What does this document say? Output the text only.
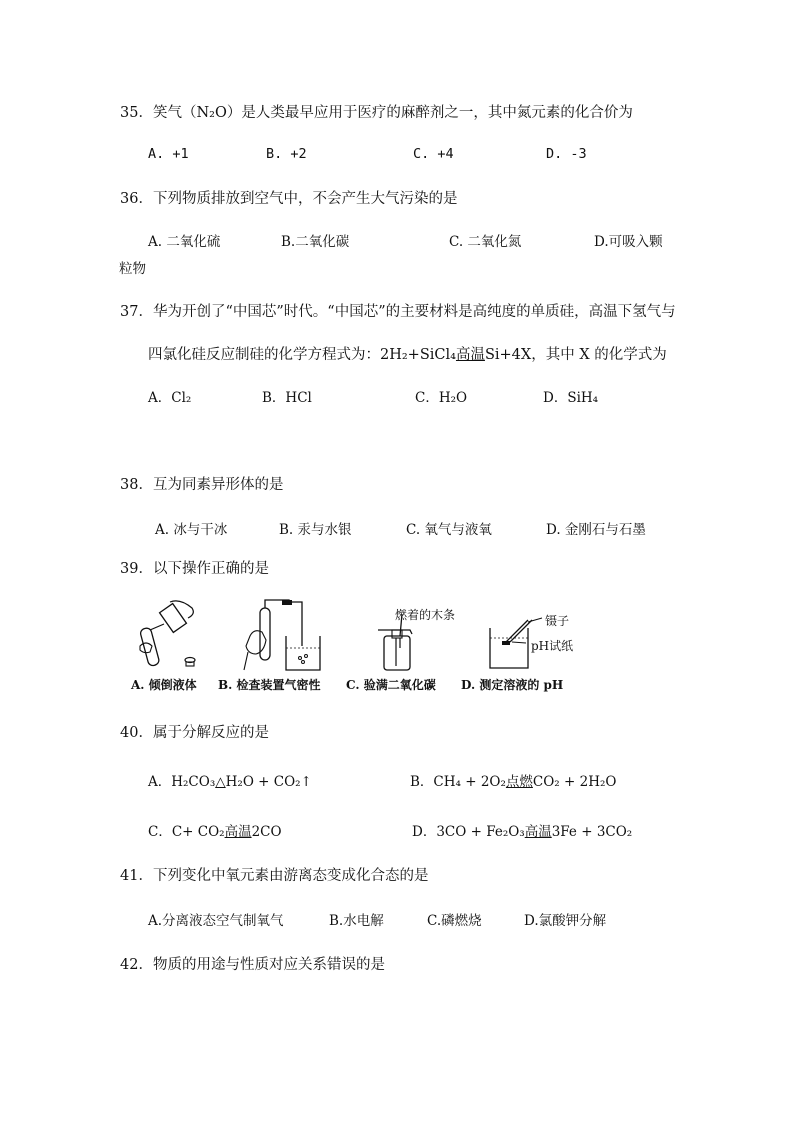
35．笑气（N₂O）是人类最早应用于医疗的麻醉剂之一，其中氮元素的化合价为
A. +1	B. +2	C. +4	D. -3
36．下列物质排放到空气中，不会产生大气污染的是
A. 二氧化硫	B.二氧化碳	C. 二氧化氮	D.可吸入颗
粒物
37．华为开创了“中国芯”时代。“中国芯”的主要材料是高纯度的单质硅，高温下氢气与
四氯化硅反应制硅的化学方程式为：2H₂+SiCl₄高温Si+4X，其中 X 的化学式为
A．Cl₂	B．HCl	C．H₂O	D．SiH₄
38．互为同素异形体的是
A. 冰与干冰	B. 汞与水银	C. 氧气与液氧	D. 金刚石与石墨
39．以下操作正确的是
燃着的木条	镊子
pH试纸
A. 倾倒液体 B. 检查装置气密性 C. 验满二氧化碳 D. 测定溶液的 pH
40．属于分解反应的是
A．H₂CO₃△H₂O + CO₂↑	B．CH₄ + 2O₂点燃CO₂ + 2H₂O
C．C+ CO₂高温2CO	D．3CO + Fe₂O₃高温3Fe + 3CO₂
41．下列变化中氧元素由游离态变成化合态的是
A.分离液态空气制氧气	B.水电解	C.磷燃烧	D.氯酸钾分解
42．物质的用途与性质对应关系错误的是
